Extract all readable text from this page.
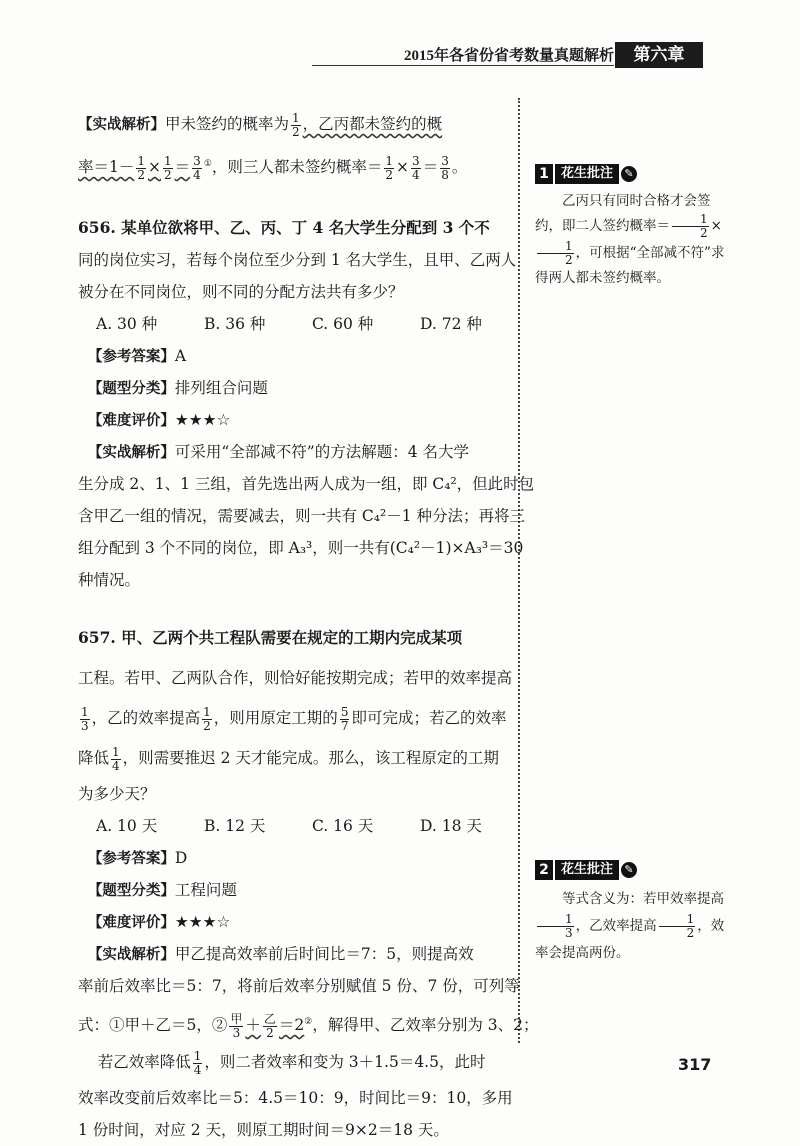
2015年各省份省考数量真题解析	第六章
【实战解析】甲未签约的概率为 $\frac{1}{2}$ ，乙丙都未签约的概
率$=1- \frac{1}{2} \times \frac{1}{2} = \frac{3}{4} ^①$，则三人都未签约概率＝ $\frac{1}{2} \times \frac{3}{4} = \frac{3}{8}$ 。
656. 某单位欲将甲、乙、丙、丁 4 名大学生分配到 3 个不
同的岗位实习，若每个岗位至少分到 1 名大学生，且甲、乙两人
被分在不同岗位，则不同的分配方法共有多少？
A. 30 种	B. 36 种	C. 60 种	D. 72 种
【参考答案】A
【题型分类】排列组合问题
【难度评价】★★★☆
【实战解析】可采用“全部减不符”的方法解题：4 名大学
生分成 2、1、1 三组，首先选出两人成为一组，即 C₄²，但此时包
含甲乙一组的情况，需要减去，则一共有 C₄²－1 种分法；再将三
组分配到 3 个不同的岗位，即 A₃³，则一共有(C₄²－1)×A₃³＝30
种情况。
657. 甲、乙两个共工程队需要在规定的工期内完成某项
工程。若甲、乙两队合作，则恰好能按期完成；若甲的效率提高
$\frac{1}{3}$ ，乙的效率提高 $\frac{1}{2}$ ，则用原定工期的 $\frac{5}{7}$ 即可完成；若乙的效率
降低 $\frac{1}{4}$ ，则需要推迟 2 天才能完成。那么，该工程原定的工期
为多少天？
A. 10 天	B. 12 天	C. 16 天	D. 18 天
【参考答案】D
【题型分类】工程问题
【难度评价】★★★☆
【实战解析】甲乙提高效率前后时间比＝7：5，则提高效
率前后效率比＝5：7，将前后效率分别赋值 5 份、7 份，可列等
式：①甲＋乙＝5，② $\frac{\text{甲}}{3} + \frac{\text{乙}}{2} =2^②$，解得甲、乙效率分别为 3、2；
若乙效率降低 $\frac{1}{4}$ ，则二者效率和变为 3＋1.5＝4.5，此时
效率改变前后效率比＝5：4.5＝10：9，时间比＝9：10，多用
1 份时间，对应 2 天，则原工期时间＝9×2＝18 天。
1 花生批注	✎

乙丙只有同时合格才会签约，即二人签约概率＝ $\frac{1}{2}$ ×
$\frac{1}{2}$ ，可根据“全部减不符”求得两人都未签约概率。

2 花生批注	✎

等式含义为：若甲效率提高
$\frac{1}{3}$ ，乙效率提高 $\frac{1}{2}$ ，效率会提高两份。

317
